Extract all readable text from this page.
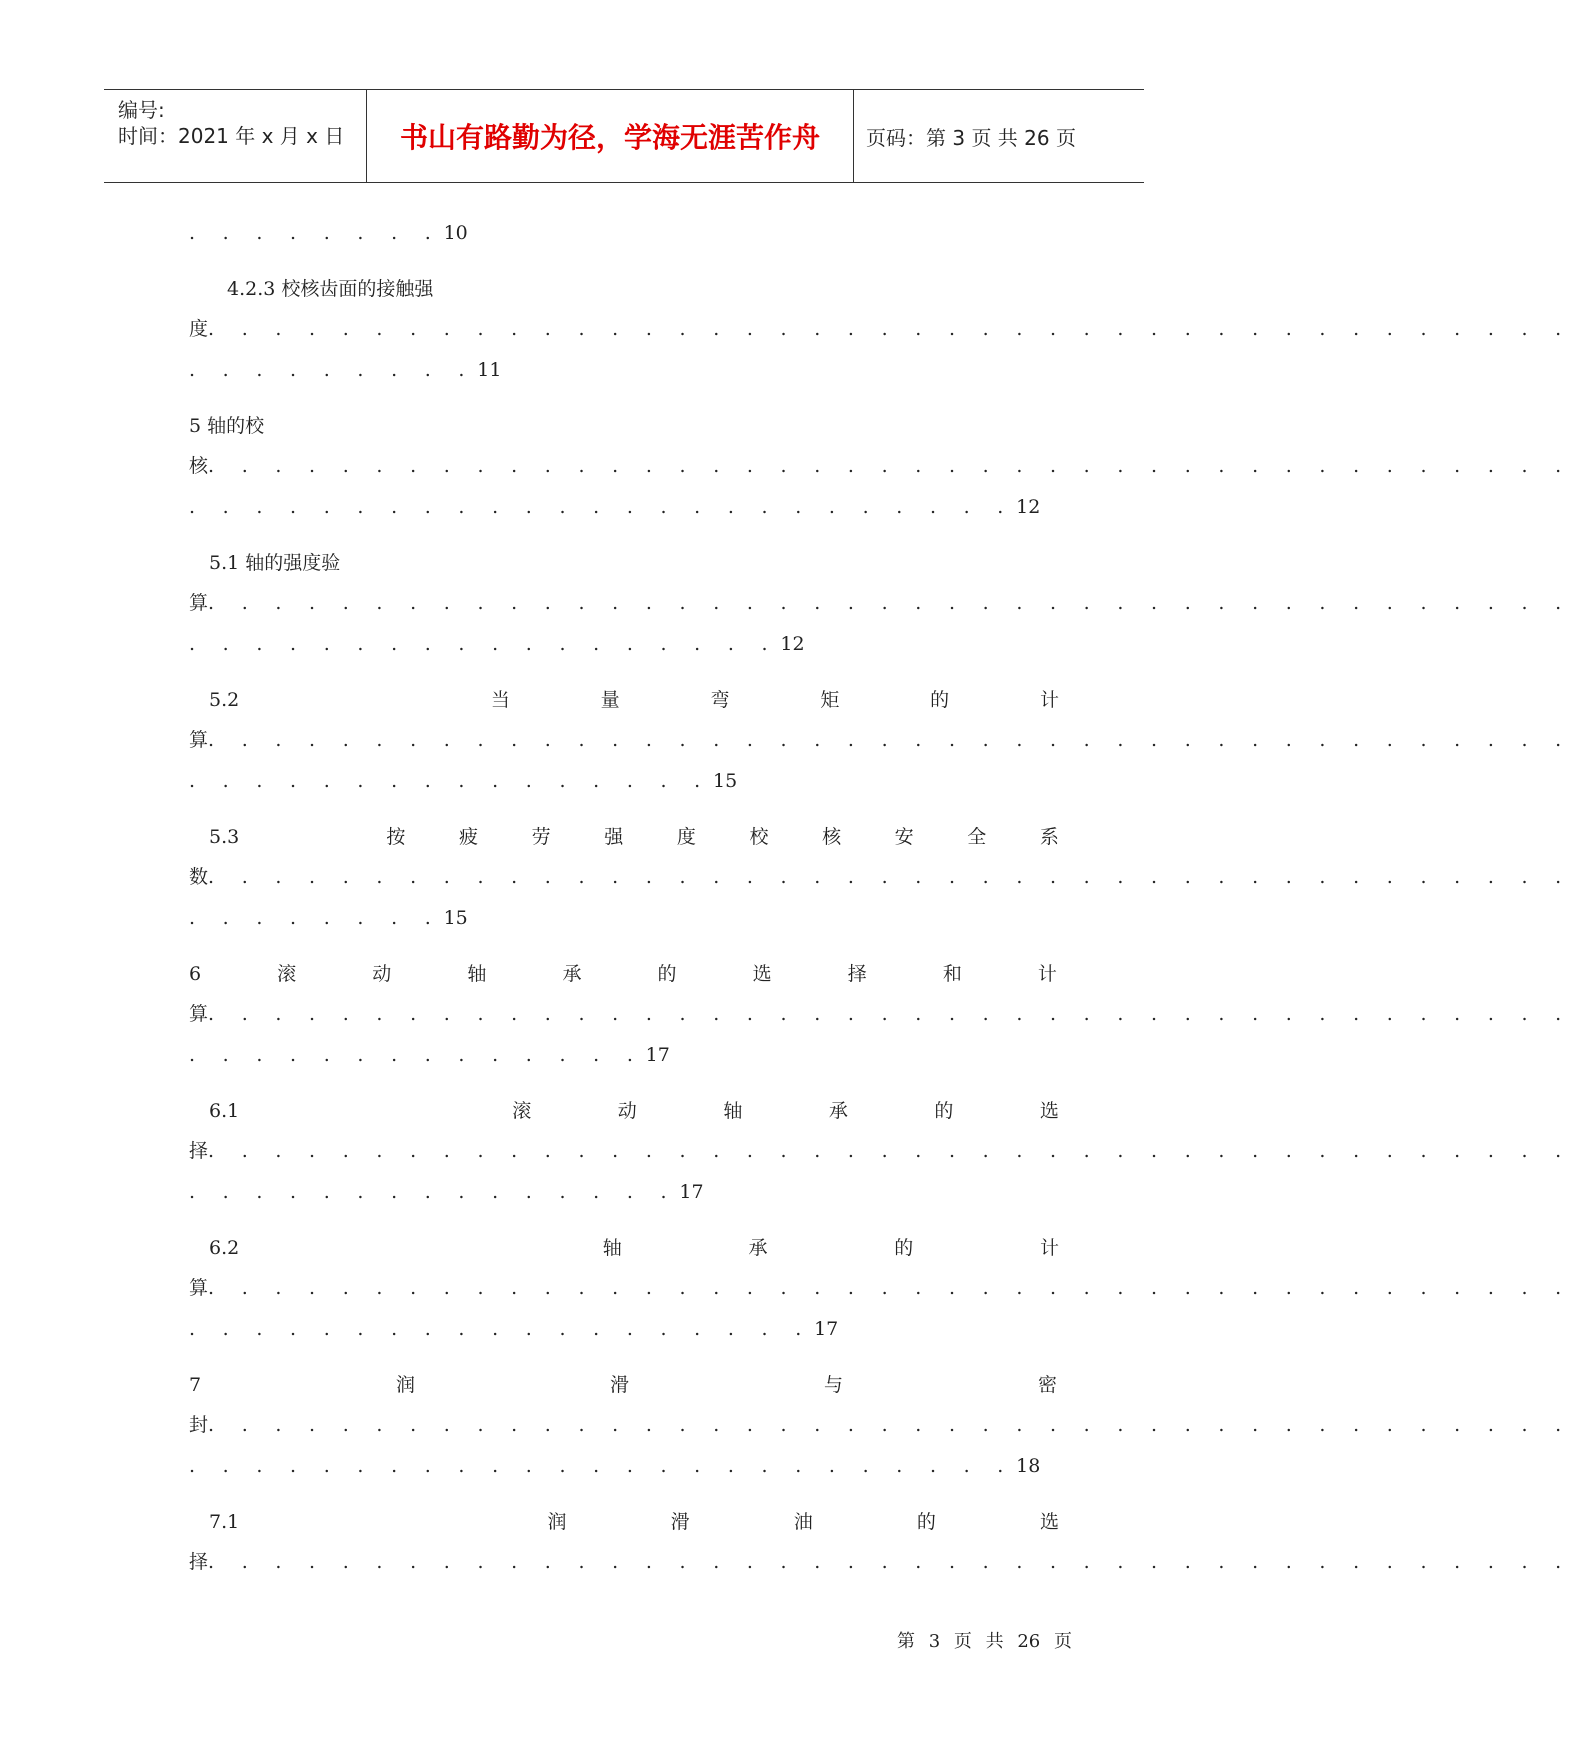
编号:
时间：2021 年 x 月 x 日	书山有路勤为径，学海无涯苦作舟	页码：第 3 页 共 26 页
. . . . . . . . 10
4.2.3 校核齿面的接触强
度. . . . . . . . . . . . . . . . . . . . . . . . . . . . . . . . . . . . . . . . .
. . . . . . . . . 11
5 轴的校
核. . . . . . . . . . . . . . . . . . . . . . . . . . . . . . . . . . . . . . . . .
. . . . . . . . . . . . . . . . . . . . . . . . . 12
5.1 轴的强度验
算. . . . . . . . . . . . . . . . . . . . . . . . . . . . . . . . . . . . . . . . .
. . . . . . . . . . . . . . . . . . 12
5.2	当	量	弯	矩	的	计
算. . . . . . . . . . . . . . . . . . . . . . . . . . . . . . . . . . . . . . . . .
. . . . . . . . . . . . . . . . 15
5.3	按	疲	劳	强	度	校	核	安	全	系
数. . . . . . . . . . . . . . . . . . . . . . . . . . . . . . . . . . . . . . . . .
. . . . . . . . 15
6	滚	动	轴	承	的	选	择	和	计
算. . . . . . . . . . . . . . . . . . . . . . . . . . . . . . . . . . . . . . . . .
. . . . . . . . . . . . . . 17
6.1	滚	动	轴	承	的	选
择. . . . . . . . . . . . . . . . . . . . . . . . . . . . . . . . . . . . . . . . .
. . . . . . . . . . . . . . . 17
6.2	轴	承	的	计
算. . . . . . . . . . . . . . . . . . . . . . . . . . . . . . . . . . . . . . . . .
. . . . . . . . . . . . . . . . . . . 17
7	润	滑	与	密
封. . . . . . . . . . . . . . . . . . . . . . . . . . . . . . . . . . . . . . . . .
. . . . . . . . . . . . . . . . . . . . . . . . . 18
7.1	润	滑	油	的	选
择. . . . . . . . . . . . . . . . . . . . . . . . . . . . . . . . . . . . . . . . .
第 3 页 共 26 页
